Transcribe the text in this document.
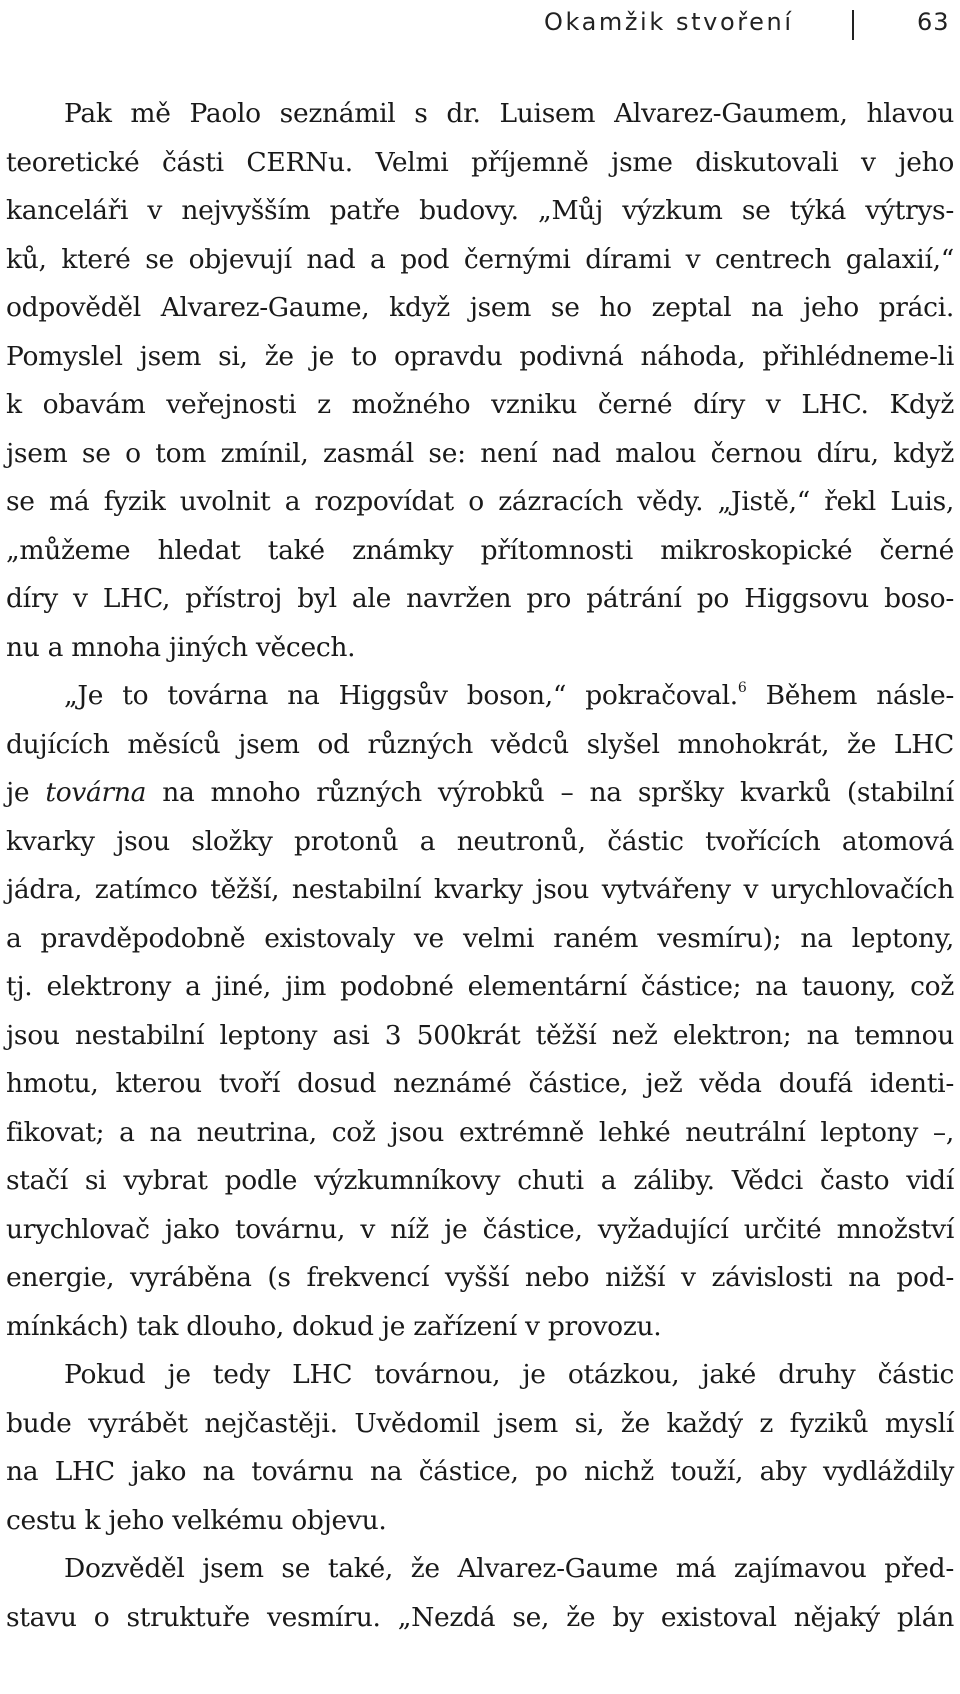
Okamžik stvoření	63

Pak mě Paolo seznámil s dr. Luisem Alvarez-Gaumem, hlavou
teoretické části CERNu. Velmi příjemně jsme diskutovali v jeho
kanceláři v nejvyšším patře budovy. „Můj výzkum se týká výtrys-
ků, které se objevují nad a pod černými dírami v centrech galaxií,“
odpověděl Alvarez-Gaume, když jsem se ho zeptal na jeho práci.
Pomyslel jsem si, že je to opravdu podivná náhoda, přihlédneme-li
k obavám veřejnosti z možného vzniku černé díry v LHC. Když
jsem se o tom zmínil, zasmál se: není nad malou černou díru, když
se má fyzik uvolnit a rozpovídat o zázracích vědy. „Jistě,“ řekl Luis,
„můžeme hledat také známky přítomnosti mikroskopické černé
díry v LHC, přístroj byl ale navržen pro pátrání po Higgsovu boso-
nu a mnoha jiných věcech.

„Je to továrna na Higgsův boson,“ pokračoval.$^6$ Během násle-
dujících měsíců jsem od různých vědců slyšel mnohokrát, že LHC
je továrna na mnoho různých výrobků – na spršky kvarků (stabilní
kvarky jsou složky protonů a neutronů, částic tvořících atomová
jádra, zatímco těžší, nestabilní kvarky jsou vytvářeny v urychlovačích
a pravděpodobně existovaly ve velmi raném vesmíru); na leptony,
tj. elektrony a jiné, jim podobné elementární částice; na tauony, což
jsou nestabilní leptony asi 3 500krát těžší než elektron; na temnou
hmotu, kterou tvoří dosud neznámé částice, jež věda doufá identi-
fikovat; a na neutrina, což jsou extrémně lehké neutrální leptony –,
stačí si vybrat podle výzkumníkovy chuti a záliby. Vědci často vidí
urychlovač jako továrnu, v níž je částice, vyžadující určité množství
energie, vyráběna (s frekvencí vyšší nebo nižší v závislosti na pod-
mínkách) tak dlouho, dokud je zařízení v provozu.

Pokud je tedy LHC továrnou, je otázkou, jaké druhy částic
bude vyrábět nejčastěji. Uvědomil jsem si, že každý z fyziků myslí
na LHC jako na továrnu na částice, po nichž touží, aby vydláždily
cestu k jeho velkému objevu.

Dozvěděl jsem se také, že Alvarez-Gaume má zajímavou před-
stavu o struktuře vesmíru. „Nezdá se, že by existoval nějaký plán
